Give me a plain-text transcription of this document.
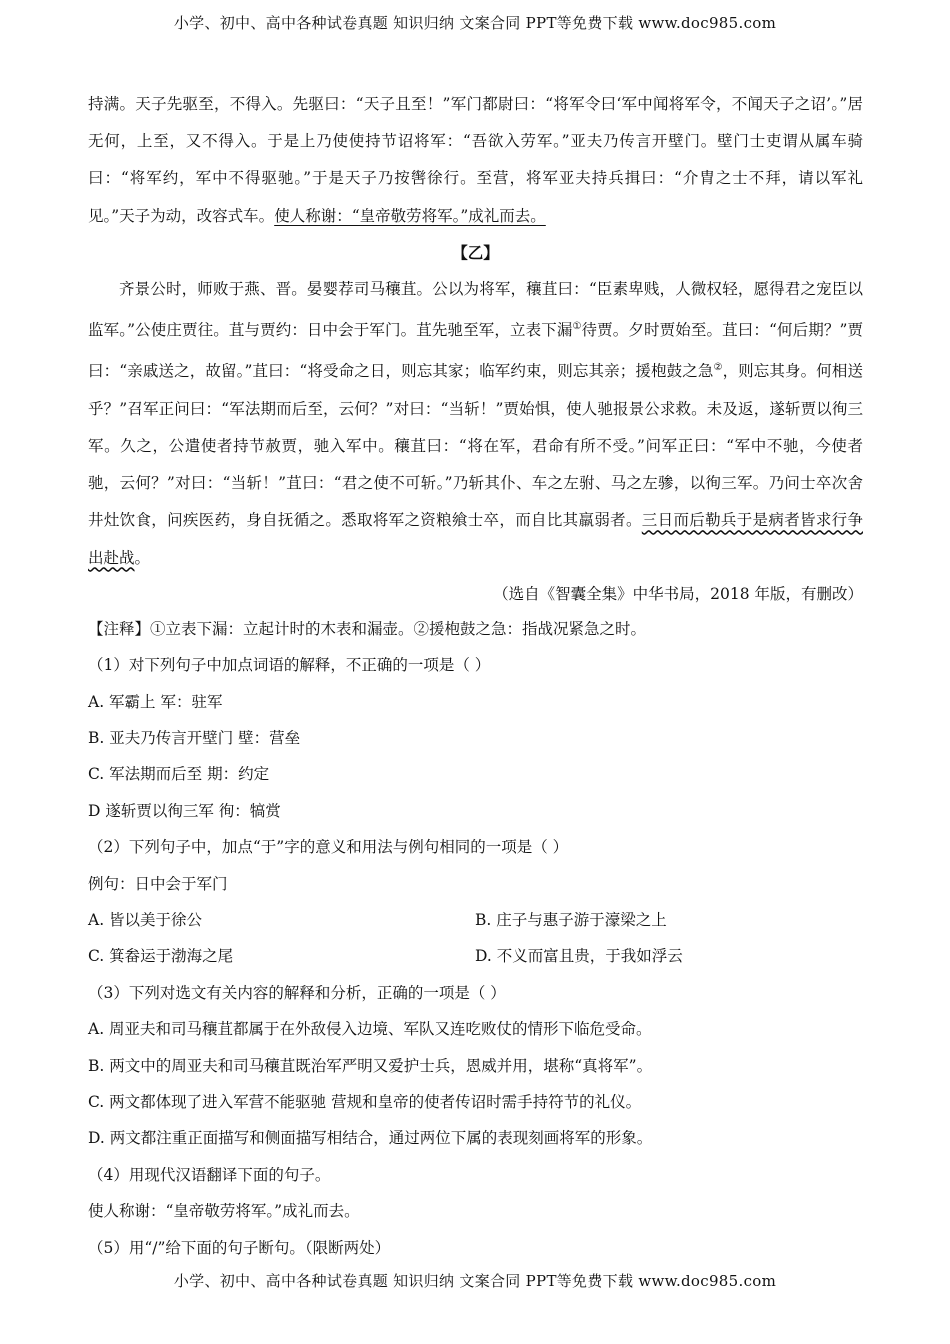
小学、初中、高中各种试卷真题 知识归纳 文案合同 PPT等免费下载 www.doc985.com

持满。天子先驱至，不得入。先驱曰：“天子且至！”军门都尉曰：“将军令曰‘军中闻将军令，不闻天子之诏’。”居无何，上至，又不得入。于是上乃使使持节诏将军：“吾欲入劳军。”亚夫乃传言开壁门。壁门士吏谓从属车骑曰：“将军约，军中不得驱驰。”于是天子乃按辔徐行。至营，将军亚夫持兵揖曰：“介胄之士不拜，请以军礼见。”天子为动，改容式车。使人称谢：“皇帝敬劳将军。”成礼而去。

【乙】

齐景公时，师败于燕、晋。晏婴荐司马穰苴。公以为将军，穰苴曰：“臣素卑贱，人微权轻，愿得君之宠臣以监军。”公使庄贾往。苴与贾约：日中会于军门。苴先驰至军，立表下漏①待贾。夕时贾始至。苴曰：“何后期？”贾曰：“亲戚送之，故留。”苴曰：“将受命之日，则忘其家；临军约束，则忘其亲；援枹鼓之急②，则忘其身。何相送乎？”召军正问曰：“军法期而后至，云何？”对曰：“当斩！”贾始惧，使人驰报景公求救。未及返，遂斩贾以徇三军。久之，公遣使者持节赦贾，驰入军中。穰苴曰：“将在军，君命有所不受。”问军正曰：“军中不驰，今使者驰，云何？”对曰：“当斩！”苴曰：“君之使不可斩。”乃斩其仆、车之左驸、马之左骖，以徇三军。乃问士卒次舍井灶饮食，问疾医药，身自抚循之。悉取将军之资粮飨士卒，而自比其羸弱者。三日而后勒兵于是病者皆求行争出赴战。

（选自《智囊全集》中华书局，2018 年版，有删改）

【注释】①立表下漏：立起计时的木表和漏壶。②援枹鼓之急：指战况紧急之时。

（1）对下列句子中加点词语的解释，不正确的一项是（ ）

A. 军霸上 军：驻军

B. 亚夫乃传言开壁门 壁：营垒

C. 军法期而后至 期：约定

D 遂斩贾以徇三军 徇：犒赏

（2）下列句子中，加点“于”字的意义和用法与例句相同的一项是（ ）

例句：日中会于军门

A. 皆以美于徐公	B. 庄子与惠子游于濠梁之上
C. 箕畚运于渤海之尾	D. 不义而富且贵，于我如浮云

（3）下列对选文有关内容的解释和分析，正确的一项是（ ）

A. 周亚夫和司马穰苴都属于在外敌侵入边境、军队又连吃败仗的情形下临危受命。

B. 两文中的周亚夫和司马穰苴既治军严明又爱护士兵，恩威并用，堪称“真将军”。

C. 两文都体现了进入军营不能驱驰 营规和皇帝的使者传诏时需手持符节的礼仪。

D. 两文都注重正面描写和侧面描写相结合，通过两位下属的表现刻画将军的形象。

（4）用现代汉语翻译下面的句子。

使人称谢：“皇帝敬劳将军。”成礼而去。

（5）用“/”给下面的句子断句。（限断两处）

小学、初中、高中各种试卷真题 知识归纳 文案合同 PPT等免费下载 www.doc985.com
